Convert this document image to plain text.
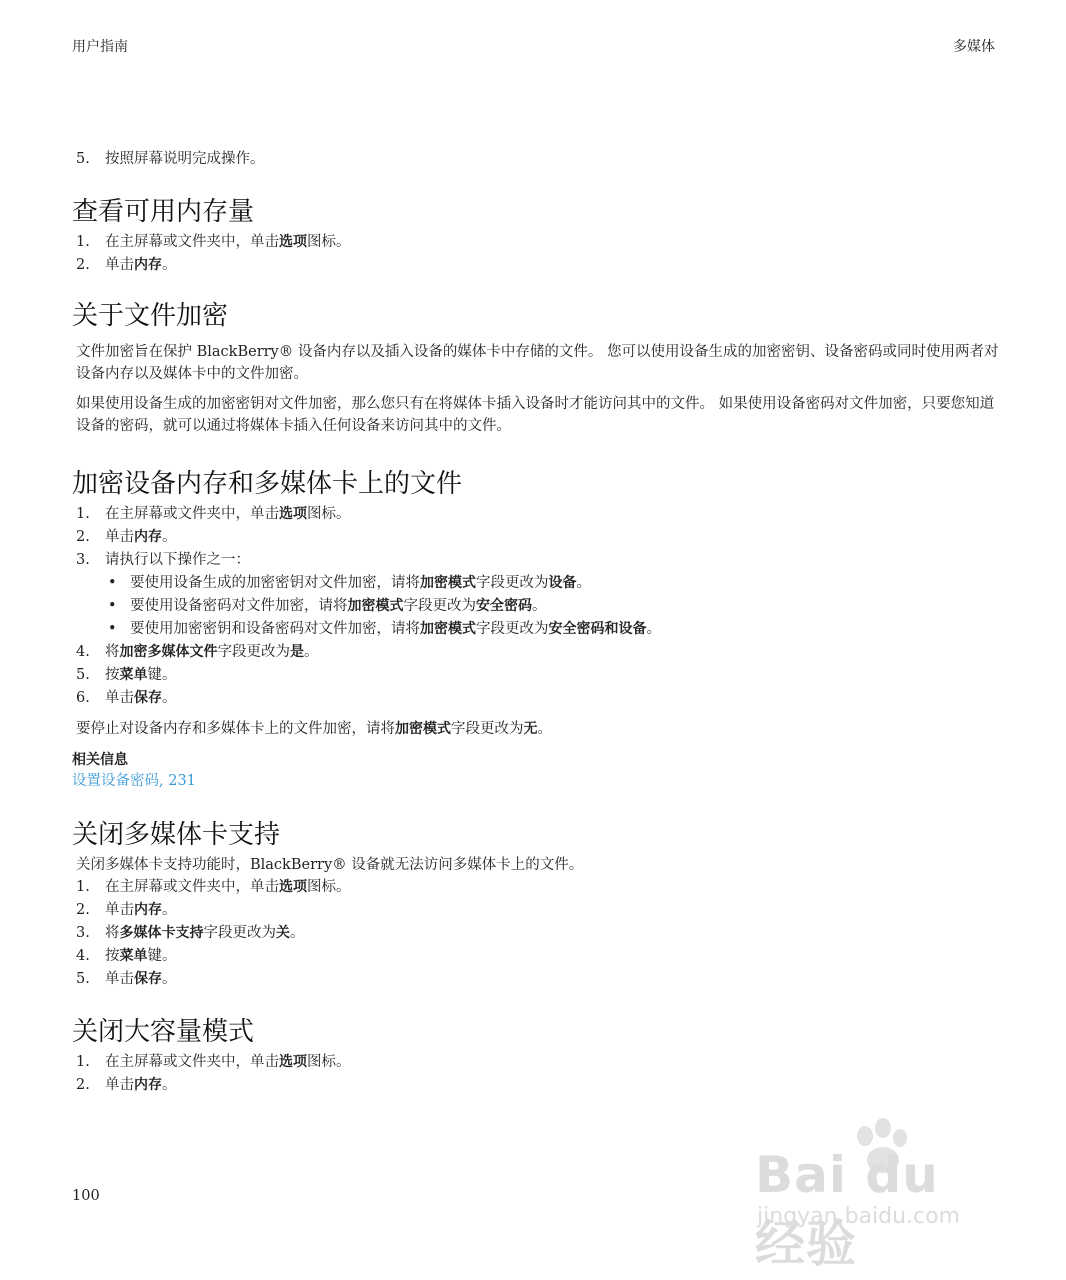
用户指南	多媒体
5.	按照屏幕说明完成操作。
查看可用内存量
1.	在主屏幕或文件夹中，单击选项图标。
2.	单击内存。
关于文件加密
文件加密旨在保护 BlackBerry® 设备内存以及插入设备的媒体卡中存储的文件。 您可以使用设备生成的加密密钥、设备密码或同时使用两者对设备内存以及媒体卡中的文件加密。
如果使用设备生成的加密密钥对文件加密，那么您只有在将媒体卡插入设备时才能访问其中的文件。 如果使用设备密码对文件加密，只要您知道设备的密码，就可以通过将媒体卡插入任何设备来访问其中的文件。
加密设备内存和多媒体卡上的文件
1.	在主屏幕或文件夹中，单击选项图标。
2.	单击内存。
3.	请执行以下操作之一：
• 要使用设备生成的加密密钥对文件加密，请将加密模式字段更改为设备。
• 要使用设备密码对文件加密，请将加密模式字段更改为安全密码。
• 要使用加密密钥和设备密码对文件加密，请将加密模式字段更改为安全密码和设备。
4.	将加密多媒体文件字段更改为是。
5.	按菜单键。
6.	单击保存。
要停止对设备内存和多媒体卡上的文件加密，请将加密模式字段更改为无。
相关信息
设置设备密码, 231
关闭多媒体卡支持
关闭多媒体卡支持功能时，BlackBerry® 设备就无法访问多媒体卡上的文件。
1.	在主屏幕或文件夹中，单击选项图标。
2.	单击内存。
3.	将多媒体卡支持字段更改为关。
4.	按菜单键。
5.	单击保存。
关闭大容量模式
1.	在主屏幕或文件夹中，单击选项图标。
2.	单击内存。
Bai du 经验
jingyan.baidu.com
100
